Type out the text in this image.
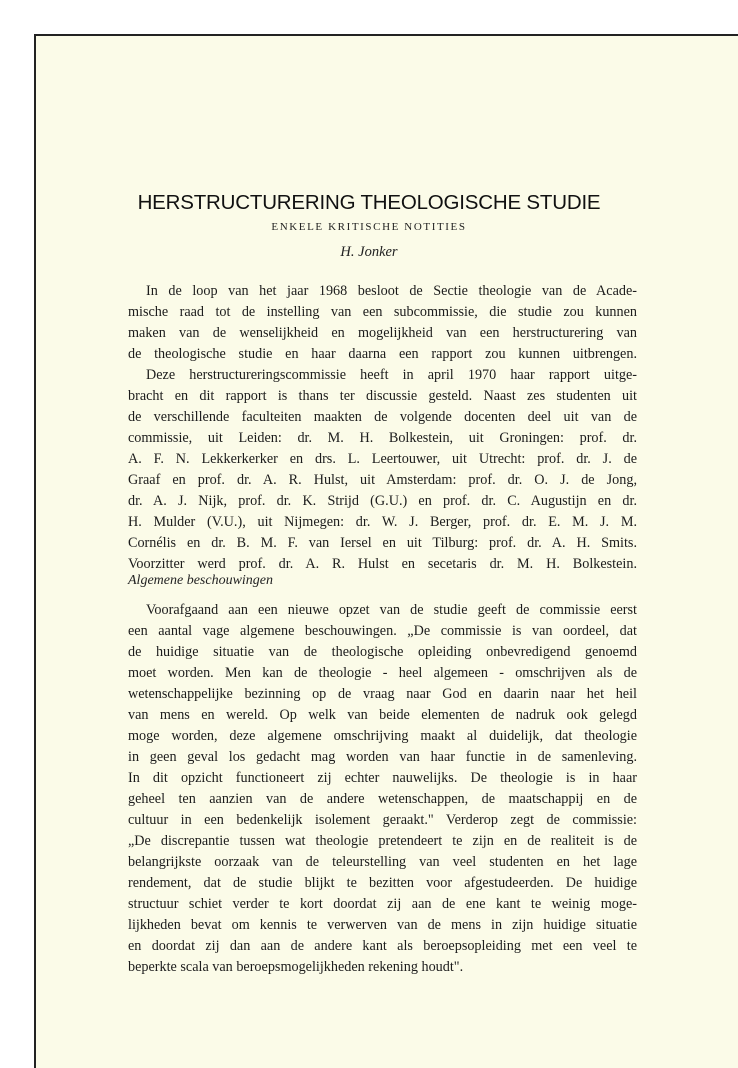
HERSTRUCTURERING THEOLOGISCHE STUDIE
ENKELE KRITISCHE NOTITIES
H. Jonker
In de loop van het jaar 1968 besloot de Sectie theologie van de Acade-
mische raad tot de instelling van een subcommissie, die studie zou kunnen
maken van de wenselijkheid en mogelijkheid van een herstructurering van
de theologische studie en haar daarna een rapport zou kunnen uitbrengen.
Deze herstructureringscommissie heeft in april 1970 haar rapport uitge-
bracht en dit rapport is thans ter discussie gesteld. Naast zes studenten uit
de verschillende faculteiten maakten de volgende docenten deel uit van de
commissie, uit Leiden: dr. M. H. Bolkestein, uit Groningen: prof. dr.
A. F. N. Lekkerkerker en drs. L. Leertouwer, uit Utrecht: prof. dr. J. de
Graaf en prof. dr. A. R. Hulst, uit Amsterdam: prof. dr. O. J. de Jong,
dr. A. J. Nijk, prof. dr. K. Strijd (G.U.) en prof. dr. C. Augustijn en dr.
H. Mulder (V.U.), uit Nijmegen: dr. W. J. Berger, prof. dr. E. M. J. M.
Cornélis en dr. B. M. F. van Iersel en uit Tilburg: prof. dr. A. H. Smits.
Voorzitter werd prof. dr. A. R. Hulst en secetaris dr. M. H. Bolkestein.
Algemene beschouwingen
Voorafgaand aan een nieuwe opzet van de studie geeft de commissie eerst
een aantal vage algemene beschouwingen. „De commissie is van oordeel, dat
de huidige situatie van de theologische opleiding onbevredigend genoemd
moet worden. Men kan de theologie - heel algemeen - omschrijven als de
wetenschappelijke bezinning op de vraag naar God en daarin naar het heil
van mens en wereld. Op welk van beide elementen de nadruk ook gelegd
moge worden, deze algemene omschrijving maakt al duidelijk, dat theologie
in geen geval los gedacht mag worden van haar functie in de samenleving.
In dit opzicht functioneert zij echter nauwelijks. De theologie is in haar
geheel ten aanzien van de andere wetenschappen, de maatschappij en de
cultuur in een bedenkelijk isolement geraakt." Verderop zegt de commissie:
„De discrepantie tussen wat theologie pretendeert te zijn en de realiteit is de
belangrijkste oorzaak van de teleurstelling van veel studenten en het lage
rendement, dat de studie blijkt te bezitten voor afgestudeerden. De huidige
structuur schiet verder te kort doordat zij aan de ene kant te weinig moge-
lijkheden bevat om kennis te verwerven van de mens in zijn huidige situatie
en doordat zij dan aan de andere kant als beroepsopleiding met een veel te
beperkte scala van beroepsmogelijkheden rekening houdt".
